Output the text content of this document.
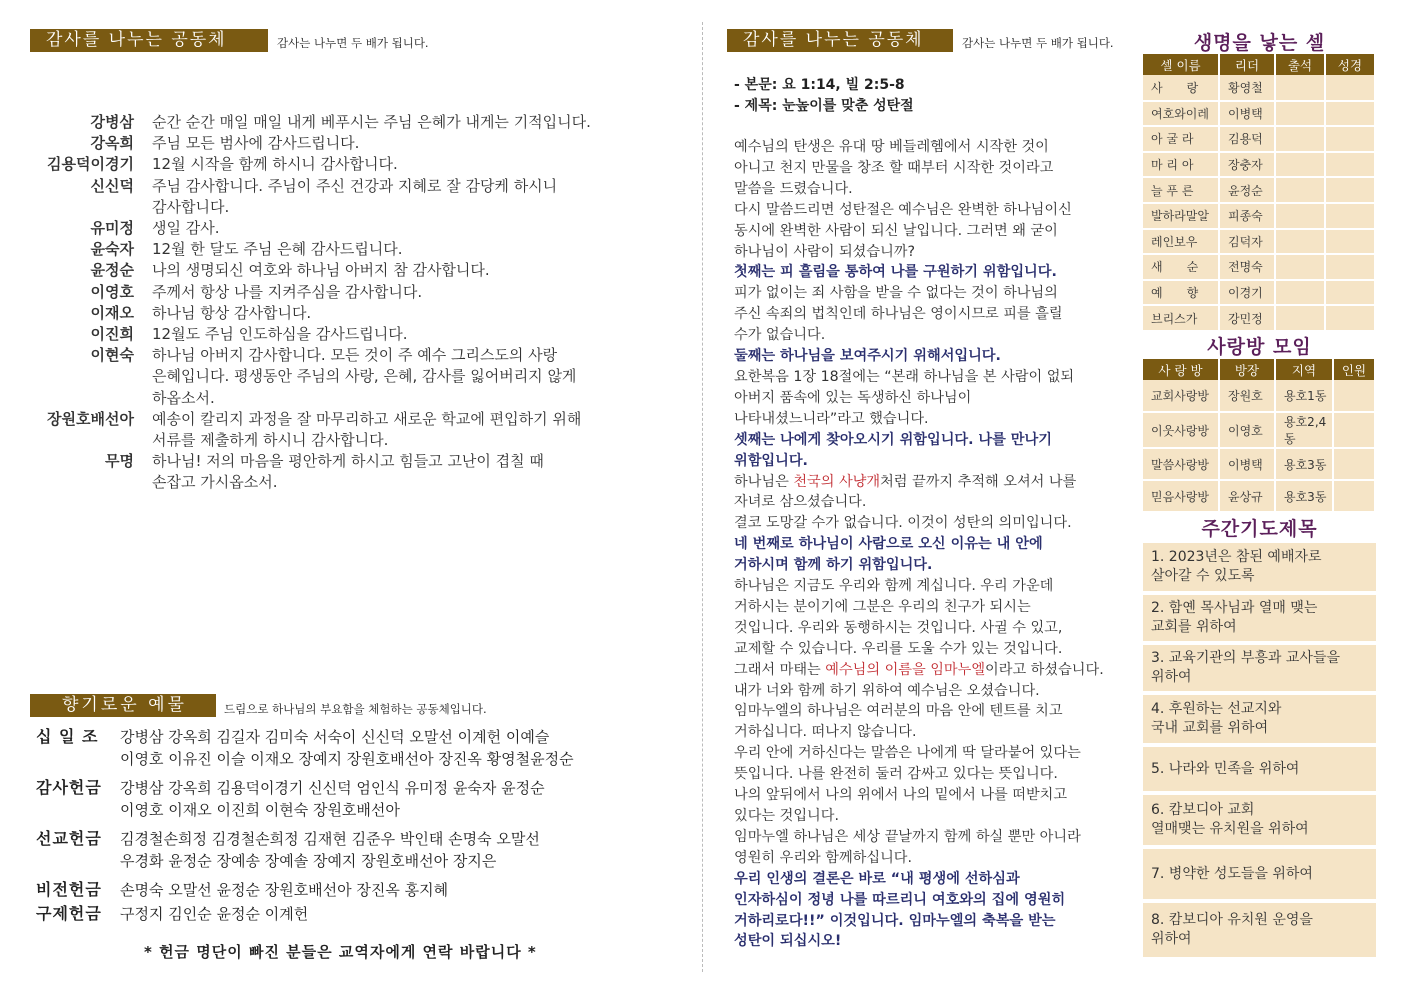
감사를 나누는 공동체	감사는 나누면 두 배가 됩니다.
강병삼	순간 순간 매일 매일 내게 베푸시는 주님 은혜가 내게는 기적입니다.
강옥희	주님 모든 범사에 감사드립니다.
김용덕이경기	12월 시작을 함께 하시니 감사합니다.
신신덕	주님 감사합니다. 주님이 주신 건강과 지혜로 잘 감당케 하시니
감사합니다.
유미정	생일 감사.
윤숙자	12월 한 달도 주님 은혜 감사드립니다.
윤정순	나의 생명되신 여호와 하나님 아버지 참 감사합니다.
이영호	주께서 항상 나를 지켜주심을 감사합니다.
이재오	하나님 항상 감사합니다.
이진희	12월도 주님 인도하심을 감사드립니다.
이현숙	하나님 아버지 감사합니다. 모든 것이 주 예수 그리스도의 사랑
은혜입니다. 평생동안 주님의 사랑, 은혜, 감사를 잃어버리지 않게
하옵소서.
장원호배선아	예송이 칼리지 과정을 잘 마무리하고 새로운 학교에 편입하기 위해
서류를 제출하게 하시니 감사합니다.
무명	하나님! 저의 마음을 평안하게 하시고 힘들고 고난이 겹칠 때
손잡고 가시옵소서.
향기로운 예물	드림으로 하나님의 부요함을 체험하는 공동체입니다.
십 일 조	강병삼 강옥희 김길자 김미숙 서숙이 신신덕 오말선 이계헌 이예슬
이영호 이유진 이슬 이재오 장예지 장원호배선아 장진옥 황영철윤정순
감사헌금	강병삼 강옥희 김용덕이경기 신신덕 엄인식 유미정 윤숙자 윤정순
이영호 이재오 이진희 이현숙 장원호배선아
선교헌금	김경철손희정 김경철손희정 김재현 김준우 박인태 손명숙 오말선
우경화 윤정순 장예송 장예솔 장예지 장원호배선아 장지은
비전헌금	손명숙 오말선 윤정순 장원호배선아 장진옥 홍지혜
구제헌금	구정지 김인순 윤정순 이계헌
* 헌금 명단이 빠진 분들은 교역자에게 연락 바랍니다 *
감사를 나누는 공동체	감사는 나누면 두 배가 됩니다.
- 본문: 요 1:14, 빌 2:5-8
- 제목: 눈높이를 맞춘 성탄절

예수님의 탄생은 유대 땅 베들레헴에서 시작한 것이
아니고 천지 만물을 창조 할 때부터 시작한 것이라고
말씀을 드렸습니다.
다시 말씀드리면 성탄절은 예수님은 완벽한 하나님이신
동시에 완벽한 사람이 되신 날입니다. 그러면 왜 굳이
하나님이 사람이 되셨습니까?

첫째는 피 흘림을 통하여 나를 구원하기 위함입니다.

피가 없이는 죄 사함을 받을 수 없다는 것이 하나님의
주신 속죄의 법칙인데 하나님은 영이시므로 피를 흘릴
수가 없습니다.

둘째는 하나님을 보여주시기 위해서입니다.

요한복음 1장 18절에는 “본래 하나님을 본 사람이 없되
아버지 품속에 있는 독생하신 하나님이
나타내셨느니라”라고 했습니다.

셋째는 나에게 찾아오시기 위함입니다. 나를 만나기
위함입니다.

하나님은 천국의 사냥개처럼 끝까지 추적해 오셔서 나를
자녀로 삼으셨습니다.
결코 도망갈 수가 없습니다. 이것이 성탄의 의미입니다.

네 번째로 하나님이 사람으로 오신 이유는 내 안에
거하시며 함께 하기 위함입니다.

하나님은 지금도 우리와 함께 계십니다. 우리 가운데
거하시는 분이기에 그분은 우리의 친구가 되시는
것입니다. 우리와 동행하시는 것입니다. 사귈 수 있고,
교제할 수 있습니다. 우리를 도울 수가 있는 것입니다.
그래서 마태는 예수님의 이름을 임마누엘이라고 하셨습니다.
내가 너와 함께 하기 위하여 예수님은 오셨습니다.
임마누엘의 하나님은 여러분의 마음 안에 텐트를 치고
거하십니다. 떠나지 않습니다.
우리 안에 거하신다는 말씀은 나에게 딱 달라붙어 있다는
뜻입니다. 나를 완전히 둘러 감싸고 있다는 뜻입니다.
나의 앞뒤에서 나의 위에서 나의 밑에서 나를 떠받치고
있다는 것입니다.
임마누엘 하나님은 세상 끝날까지 함께 하실 뿐만 아니라
영원히 우리와 함께하십니다.

우리 인생의 결론은 바로 “내 평생에 선하심과
인자하심이 정녕 나를 따르리니 여호와의 집에 영원히
거하리로다!!” 이것입니다. 임마누엘의 축복을 받는
성탄이 되십시오!

생명을 낳는 셀
셀 이름	리더	출석	성경
사　　랑	황영철		
여호와이레	이병택		
아 굴 라	김용덕		
마 리 아	장충자		
늘 푸 른	윤정순		
발하라말알	피종숙		
레인보우	김덕자		
새　　순	전명숙		
예　　향	이경기		
브리스가	강민정		
사랑방 모임
사 랑 방	방장	지역	인원
교회사랑방	장원호	용호1동	
이웃사랑방	이영호	용호2,4동	
말씀사랑방	이병택	용호3동	
믿음사랑방	윤상규	용호3동	
주간기도제목
1. 2023년은 참된 예배자로
살아갈 수 있도록
2. 함옌 목사님과 열매 맺는
교회를 위하여
3. 교육기관의 부흥과 교사들을
위하여
4. 후원하는 선교지와
국내 교회를 위하여
5. 나라와 민족을 위하여
6. 캄보디아 교회
열매맺는 유치원을 위하여
7. 병약한 성도들을 위하여
8. 캄보디아 유치원 운영을
위하여
